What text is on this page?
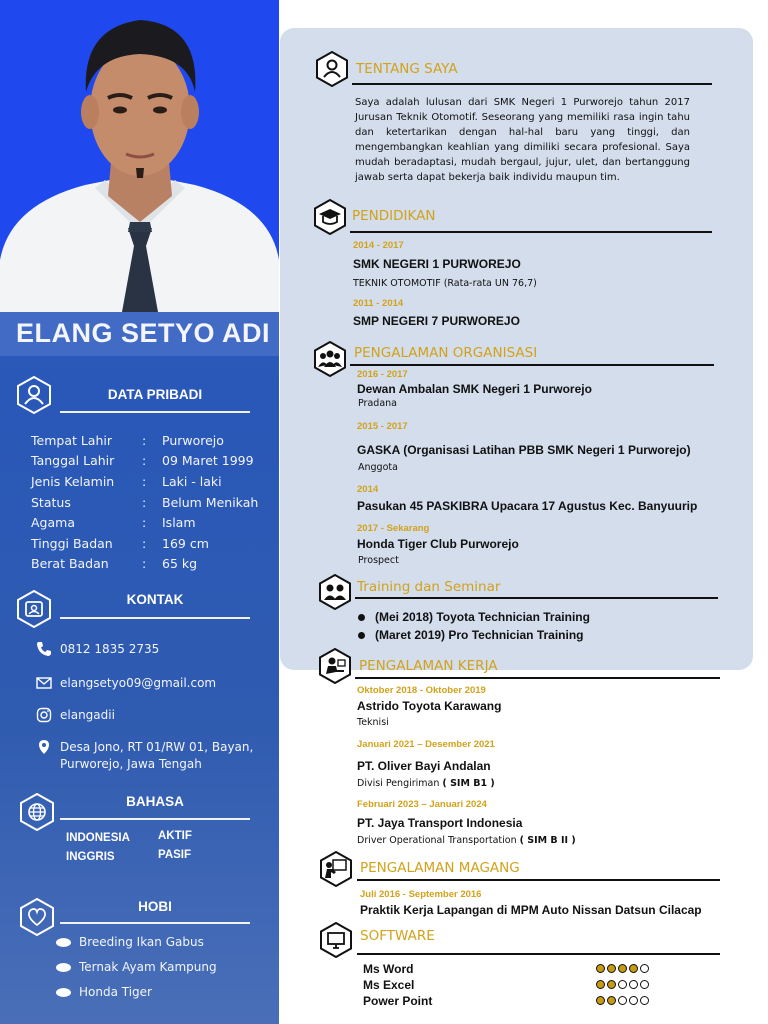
ELANG SETYO ADI
DATA PRIBADI
Tempat Lahir : Purworejo
Tanggal Lahir : 09 Maret 1999
Jenis Kelamin : Laki - laki
Status	: Belum Menikah
Agama	: Islam
Tinggi Badan : 169 cm
Berat Badan	: 65 kg
KONTAK
0812 1835 2735
elangsetyo09@gmail.com
elangadii
Desa Jono, RT 01/RW 01, Bayan,
Purworejo, Jawa Tengah
BAHASA
INDONESIA AKTIF
INGGRIS	PASIF
HOBI
Breeding Ikan Gabus
Ternak Ayam Kampung
Honda Tiger
TENTANG SAYA

Saya adalah lulusan dari SMK Negeri 1 Purworejo tahun 2017 Jurusan Teknik Otomotif. Seseorang yang memiliki rasa ingin tahu dan ketertarikan dengan hal-hal baru yang tinggi, dan mengembangkan keahlian yang dimiliki secara profesional. Saya mudah beradaptasi, mudah bergaul, jujur, ulet, dan bertanggung jawab serta dapat bekerja baik individu maupun tim.

PENDIDIKAN
2014 - 2017
SMK NEGERI 1 PURWOREJO
TEKNIK OTOMOTIF (Rata-rata UN 76,7)
2011 - 2014
SMP NEGERI 7 PURWOREJO
PENGALAMAN ORGANISASI
2016 - 2017
Dewan Ambalan SMK Negeri 1 Purworejo
Pradana
2015 - 2017
GASKA (Organisasi Latihan PBB SMK Negeri 1 Purworejo)
Anggota
2014
Pasukan 45 PASKIBRA Upacara 17 Agustus Kec. Banyuurip
2017 - Sekarang
Honda Tiger Club Purworejo
Prospect
Training dan Seminar
(Mei 2018) Toyota Technician Training
(Maret 2019) Pro Technician Training
PENGALAMAN KERJA
Oktober 2018 - Oktober 2019
Astrido Toyota Karawang
Teknisi
Januari 2021 – Desember 2021
PT. Oliver Bayi Andalan
Divisi Pengiriman ( SIM B1 )
Februari 2023 – Januari 2024
PT. Jaya Transport Indonesia
Driver Operational Transportation ( SIM B II )
PENGALAMAN MAGANG
Juli 2016 - September 2016
Praktik Kerja Lapangan di MPM Auto Nissan Datsun Cilacap
SOFTWARE
Ms Word
Ms Excel
Power Point
